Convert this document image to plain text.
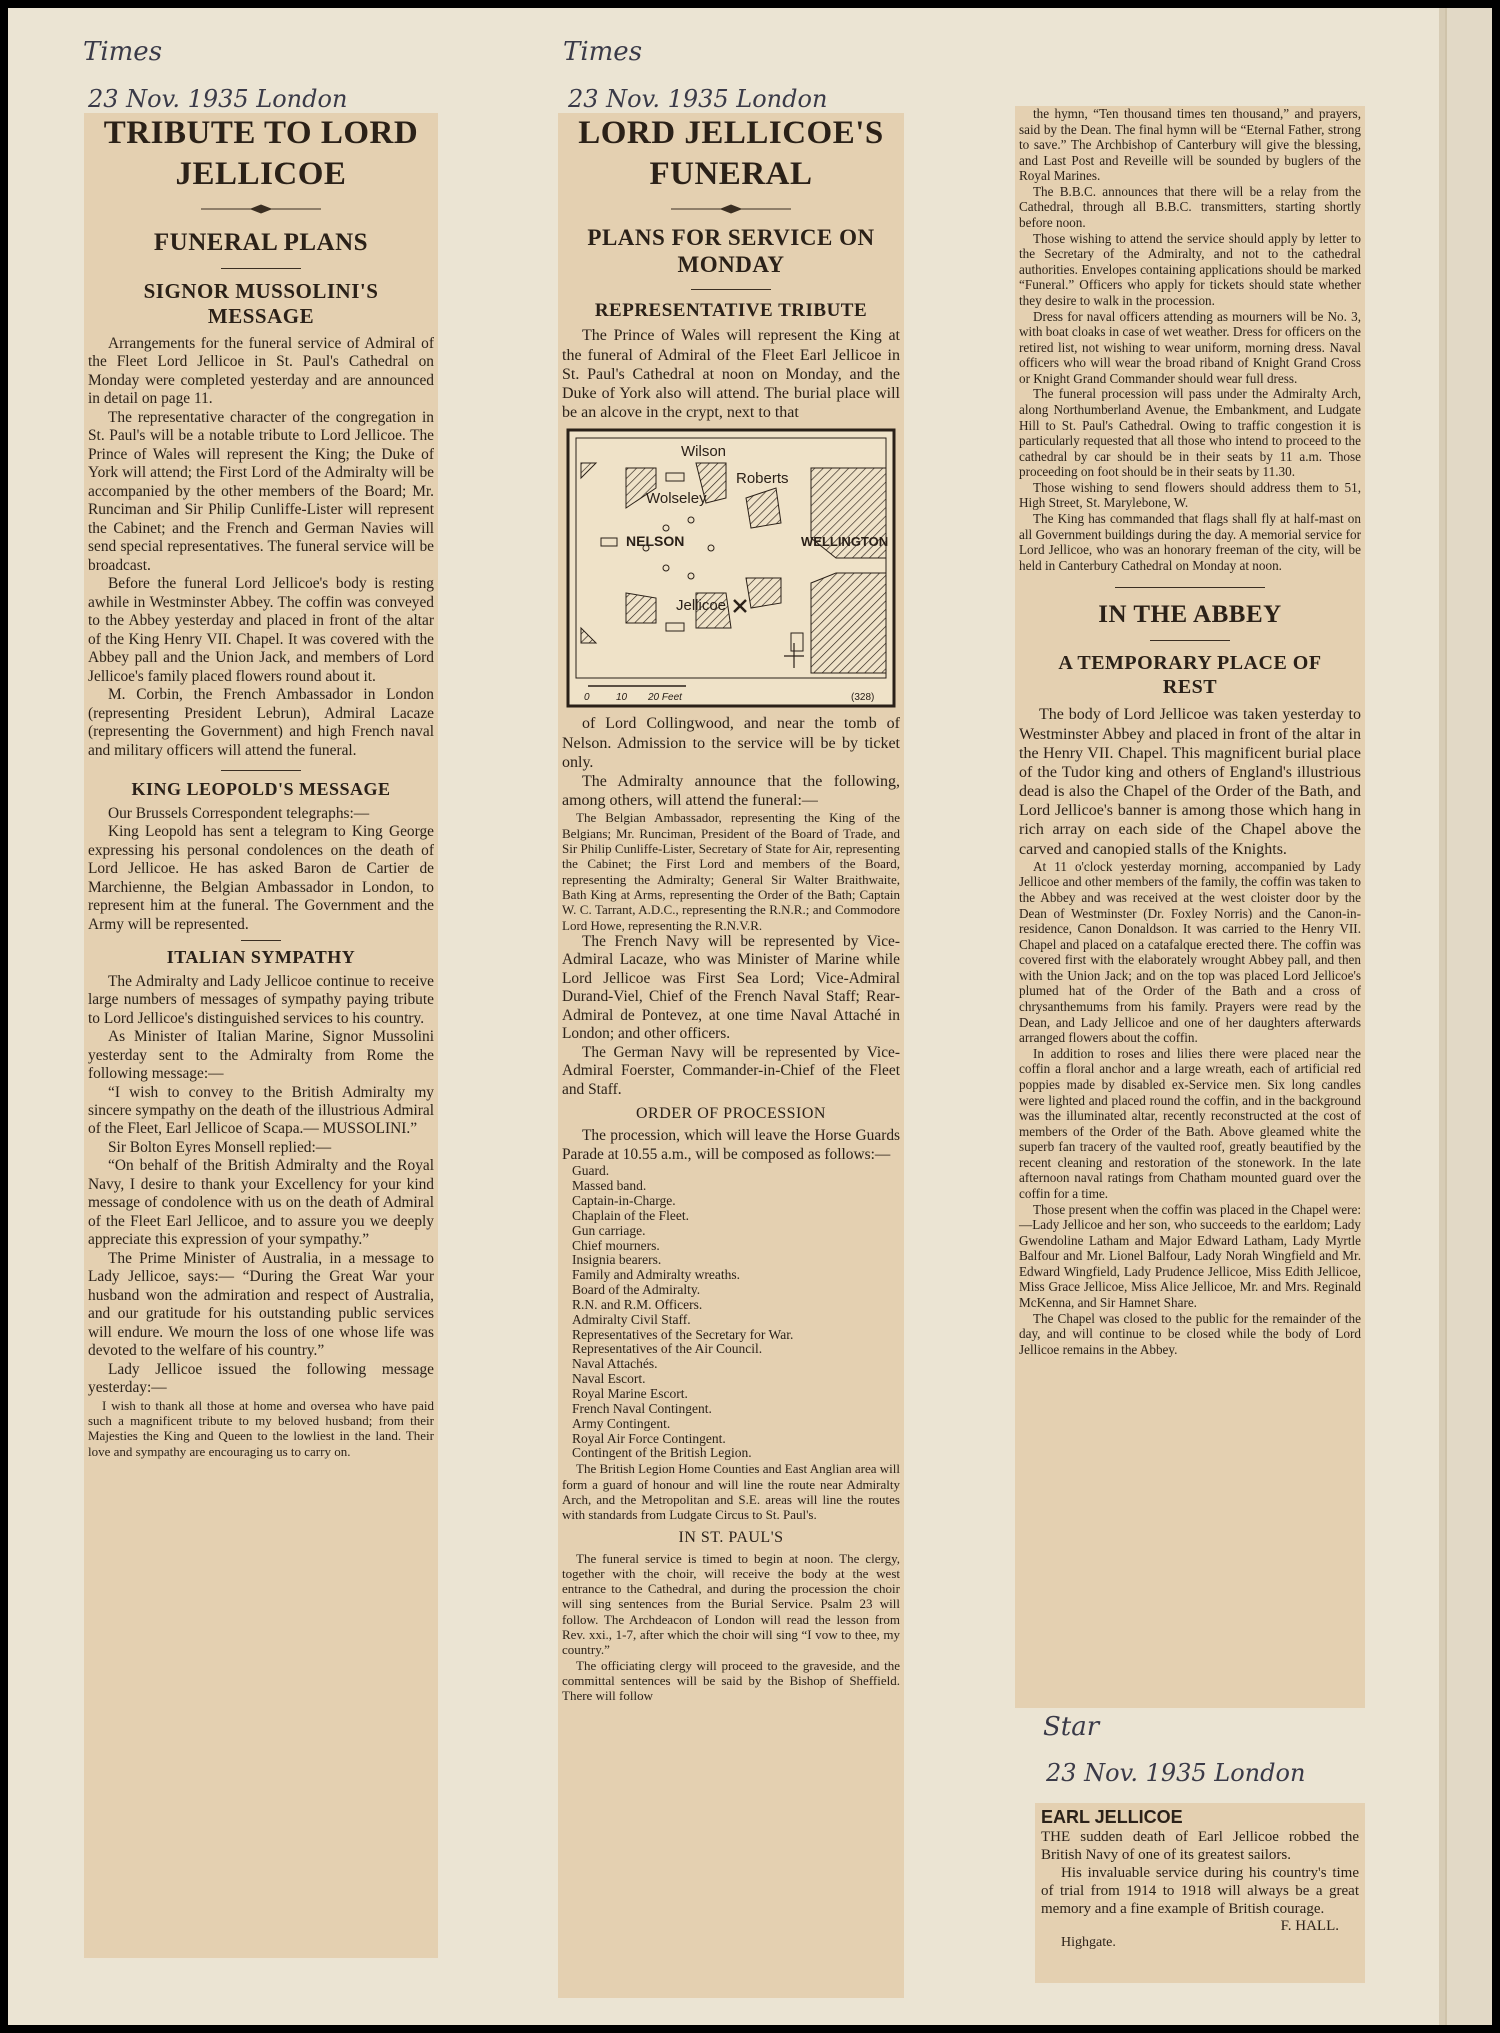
Times
23 Nov. 1935 London
Times
23 Nov. 1935 London
Star
23 Nov. 1935 London
TRIBUTE TO LORD JELLICOE
FUNERAL PLANS
SIGNOR MUSSOLINI'S MESSAGE

Arrangements for the funeral service of Admiral of the Fleet Lord Jellicoe in St. Paul's Cathedral on Monday were completed yesterday and are announced in detail on page 11.

The representative character of the congregation in St. Paul's will be a notable tribute to Lord Jellicoe. The Prince of Wales will represent the King; the Duke of York will attend; the First Lord of the Admiralty will be accompanied by the other members of the Board; Mr. Runciman and Sir Philip Cunliffe-Lister will represent the Cabinet; and the French and German Navies will send special representatives. The funeral service will be broadcast.

Before the funeral Lord Jellicoe's body is resting awhile in Westminster Abbey. The coffin was conveyed to the Abbey yesterday and placed in front of the altar of the King Henry VII. Chapel. It was covered with the Abbey pall and the Union Jack, and members of Lord Jellicoe's family placed flowers round about it.

M. Corbin, the French Ambassador in London (representing President Lebrun), Admiral Lacaze (representing the Government) and high French naval and military officers will attend the funeral.

KING LEOPOLD'S MESSAGE

Our Brussels Correspondent telegraphs:—

King Leopold has sent a telegram to King George expressing his personal condolences on the death of Lord Jellicoe. He has asked Baron de Cartier de Marchienne, the Belgian Ambassador in London, to represent him at the funeral. The Government and the Army will be represented.

ITALIAN SYMPATHY

The Admiralty and Lady Jellicoe continue to receive large numbers of messages of sympathy paying tribute to Lord Jellicoe's distinguished services to his country.

As Minister of Italian Marine, Signor Mussolini yesterday sent to the Admiralty from Rome the following message:—

“I wish to convey to the British Admiralty my sincere sympathy on the death of the illustrious Admiral of the Fleet, Earl Jellicoe of Scapa.— MUSSOLINI.”

Sir Bolton Eyres Monsell replied:—

“On behalf of the British Admiralty and the Royal Navy, I desire to thank your Excellency for your kind message of condolence with us on the death of Admiral of the Fleet Earl Jellicoe, and to assure you we deeply appreciate this expression of your sympathy.”

The Prime Minister of Australia, in a message to Lady Jellicoe, says:— “During the Great War your husband won the admiration and respect of Australia, and our gratitude for his outstanding public services will endure. We mourn the loss of one whose life was devoted to the welfare of his country.”

Lady Jellicoe issued the following message yesterday:—

I wish to thank all those at home and oversea who have paid such a magnificent tribute to my beloved husband; from their Majesties the King and Queen to the lowliest in the land. Their love and sympathy are encouraging us to carry on.

LORD JELLICOE'S FUNERAL
PLANS FOR SERVICE ON MONDAY
REPRESENTATIVE TRIBUTE

The Prince of Wales will represent the King at the funeral of Admiral of the Fleet Earl Jellicoe in St. Paul's Cathedral at noon on Monday, and the Duke of York also will attend. The burial place will be an alcove in the crypt, next to that

Wilson
Roberts
Wolseley
NELSON	WELLINGTON
Jellicoe
0	10 20 Feet	(328)

of Lord Collingwood, and near the tomb of Nelson. Admission to the service will be by ticket only.

The Admiralty announce that the following, among others, will attend the funeral:—

The Belgian Ambassador, representing the King of the Belgians; Mr. Runciman, President of the Board of Trade, and Sir Philip Cunliffe-Lister, Secretary of State for Air, representing the Cabinet; the First Lord and members of the Board, representing the Admiralty; General Sir Walter Braithwaite, Bath King at Arms, representing the Order of the Bath; Captain W. C. Tarrant, A.D.C., representing the R.N.R.; and Commodore Lord Howe, representing the R.N.V.R.

The French Navy will be represented by Vice-Admiral Lacaze, who was Minister of Marine while Lord Jellicoe was First Sea Lord; Vice-Admiral Durand-Viel, Chief of the French Naval Staff; Rear-Admiral de Pontevez, at one time Naval Attaché in London; and other officers.

The German Navy will be represented by Vice-Admiral Foerster, Commander-in-Chief of the Fleet and Staff.

ORDER OF PROCESSION

The procession, which will leave the Horse Guards Parade at 10.55 a.m., will be composed as follows:—

Guard.
Massed band.
Captain-in-Charge.
Chaplain of the Fleet.
Gun carriage.
Chief mourners.
Insignia bearers.
Family and Admiralty wreaths.
Board of the Admiralty.
R.N. and R.M. Officers.
Admiralty Civil Staff.
Representatives of the Secretary for War.
Representatives of the Air Council.
Naval Attachés.
Naval Escort.
Royal Marine Escort.
French Naval Contingent.
Army Contingent.
Royal Air Force Contingent.
Contingent of the British Legion.

The British Legion Home Counties and East Anglian area will form a guard of honour and will line the route near Admiralty Arch, and the Metropolitan and S.E. areas will line the routes with standards from Ludgate Circus to St. Paul's.

IN ST. PAUL'S

The funeral service is timed to begin at noon. The clergy, together with the choir, will receive the body at the west entrance to the Cathedral, and during the procession the choir will sing sentences from the Burial Service. Psalm 23 will follow. The Archdeacon of London will read the lesson from Rev. xxi., 1-7, after which the choir will sing “I vow to thee, my country.”

The officiating clergy will proceed to the graveside, and the committal sentences will be said by the Bishop of Sheffield. There will follow

the hymn, “Ten thousand times ten thousand,” and prayers, said by the Dean. The final hymn will be “Eternal Father, strong to save.” The Archbishop of Canterbury will give the blessing, and Last Post and Reveille will be sounded by buglers of the Royal Marines.

The B.B.C. announces that there will be a relay from the Cathedral, through all B.B.C. transmitters, starting shortly before noon.

Those wishing to attend the service should apply by letter to the Secretary of the Admiralty, and not to the cathedral authorities. Envelopes containing applications should be marked “Funeral.” Officers who apply for tickets should state whether they desire to walk in the procession.

Dress for naval officers attending as mourners will be No. 3, with boat cloaks in case of wet weather. Dress for officers on the retired list, not wishing to wear uniform, morning dress. Naval officers who will wear the broad riband of Knight Grand Cross or Knight Grand Commander should wear full dress.

The funeral procession will pass under the Admiralty Arch, along Northumberland Avenue, the Embankment, and Ludgate Hill to St. Paul's Cathedral. Owing to traffic congestion it is particularly requested that all those who intend to proceed to the cathedral by car should be in their seats by 11 a.m. Those proceeding on foot should be in their seats by 11.30.

Those wishing to send flowers should address them to 51, High Street, St. Marylebone, W.

The King has commanded that flags shall fly at half-mast on all Government buildings during the day. A memorial service for Lord Jellicoe, who was an honorary freeman of the city, will be held in Canterbury Cathedral on Monday at noon.

IN THE ABBEY
A TEMPORARY PLACE OF REST

The body of Lord Jellicoe was taken yesterday to Westminster Abbey and placed in front of the altar in the Henry VII. Chapel. This magnificent burial place of the Tudor king and others of England's illustrious dead is also the Chapel of the Order of the Bath, and Lord Jellicoe's banner is among those which hang in rich array on each side of the Chapel above the carved and canopied stalls of the Knights.

At 11 o'clock yesterday morning, accompanied by Lady Jellicoe and other members of the family, the coffin was taken to the Abbey and was received at the west cloister door by the Dean of Westminster (Dr. Foxley Norris) and the Canon-in-residence, Canon Donaldson. It was carried to the Henry VII. Chapel and placed on a catafalque erected there. The coffin was covered first with the elaborately wrought Abbey pall, and then with the Union Jack; and on the top was placed Lord Jellicoe's plumed hat of the Order of the Bath and a cross of chrysanthemums from his family. Prayers were read by the Dean, and Lady Jellicoe and one of her daughters afterwards arranged flowers about the coffin.

In addition to roses and lilies there were placed near the coffin a floral anchor and a large wreath, each of artificial red poppies made by disabled ex-Service men. Six long candles were lighted and placed round the coffin, and in the background was the illuminated altar, recently reconstructed at the cost of members of the Order of the Bath. Above gleamed white the superb fan tracery of the vaulted roof, greatly beautified by the recent cleaning and restoration of the stonework. In the late afternoon naval ratings from Chatham mounted guard over the coffin for a time.

Those present when the coffin was placed in the Chapel were:—Lady Jellicoe and her son, who succeeds to the earldom; Lady Gwendoline Latham and Major Edward Latham, Lady Myrtle Balfour and Mr. Lionel Balfour, Lady Norah Wingfield and Mr. Edward Wingfield, Lady Prudence Jellicoe, Miss Edith Jellicoe, Miss Grace Jellicoe, Miss Alice Jellicoe, Mr. and Mrs. Reginald McKenna, and Sir Hamnet Share.

The Chapel was closed to the public for the remainder of the day, and will continue to be closed while the body of Lord Jellicoe remains in the Abbey.

EARL JELLICOE

THE sudden death of Earl Jellicoe robbed the British Navy of one of its greatest sailors.

His invaluable service during his country's time of trial from 1914 to 1918 will always be a great memory and a fine example of British courage.

F. HALL.
Highgate.
